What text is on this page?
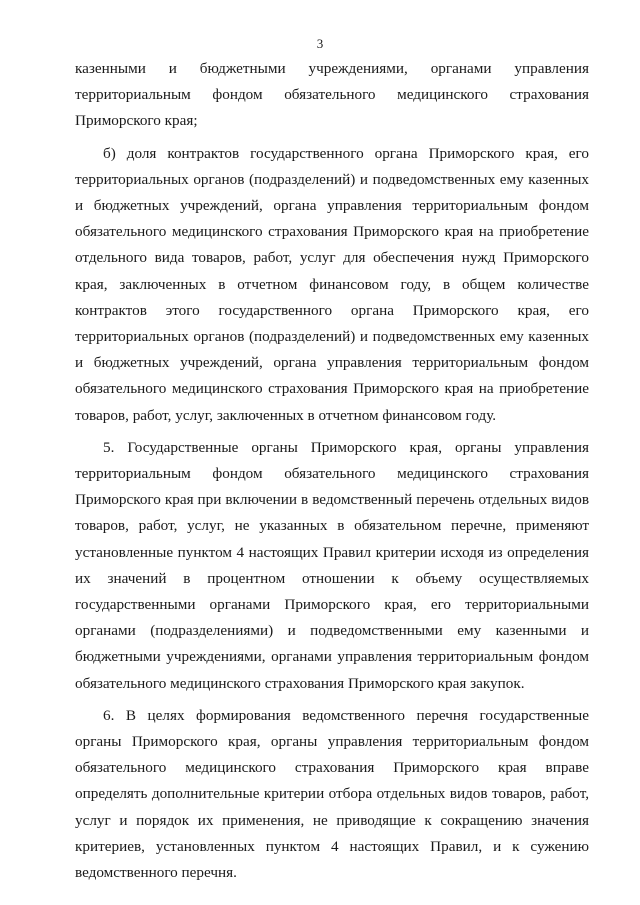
3

казенными и бюджетными учреждениями, органами управления территориальным фондом обязательного медицинского страхования Приморского края;

б) доля контрактов государственного органа Приморского края, его территориальных органов (подразделений) и подведомственных ему казенных и бюджетных учреждений, органа управления территориальным фондом обязательного медицинского страхования Приморского края на приобретение отдельного вида товаров, работ, услуг для обеспечения нужд Приморского края, заключенных в отчетном финансовом году, в общем количестве контрактов этого государственного органа Приморского края, его территориальных органов (подразделений) и подведомственных ему казенных и бюджетных учреждений, органа управления территориальным фондом обязательного медицинского страхования Приморского края на приобретение товаров, работ, услуг, заключенных в отчетном финансовом году.

5. Государственные органы Приморского края, органы управления территориальным фондом обязательного медицинского страхования Приморского края при включении в ведомственный перечень отдельных видов товаров, работ, услуг, не указанных в обязательном перечне, применяют установленные пунктом 4 настоящих Правил критерии исходя из определения их значений в процентном отношении к объему осуществляемых государственными органами Приморского края, его территориальными органами (подразделениями) и подведомственными ему казенными и бюджетными учреждениями, органами управления территориальным фондом обязательного медицинского страхования Приморского края закупок.

6. В целях формирования ведомственного перечня государственные органы Приморского края, органы управления территориальным фондом обязательного медицинского страхования Приморского края вправе определять дополнительные критерии отбора отдельных видов товаров, работ, услуг и порядок их применения, не приводящие к сокращению значения критериев, установленных пунктом 4 настоящих Правил, и к сужению ведомственного перечня.
